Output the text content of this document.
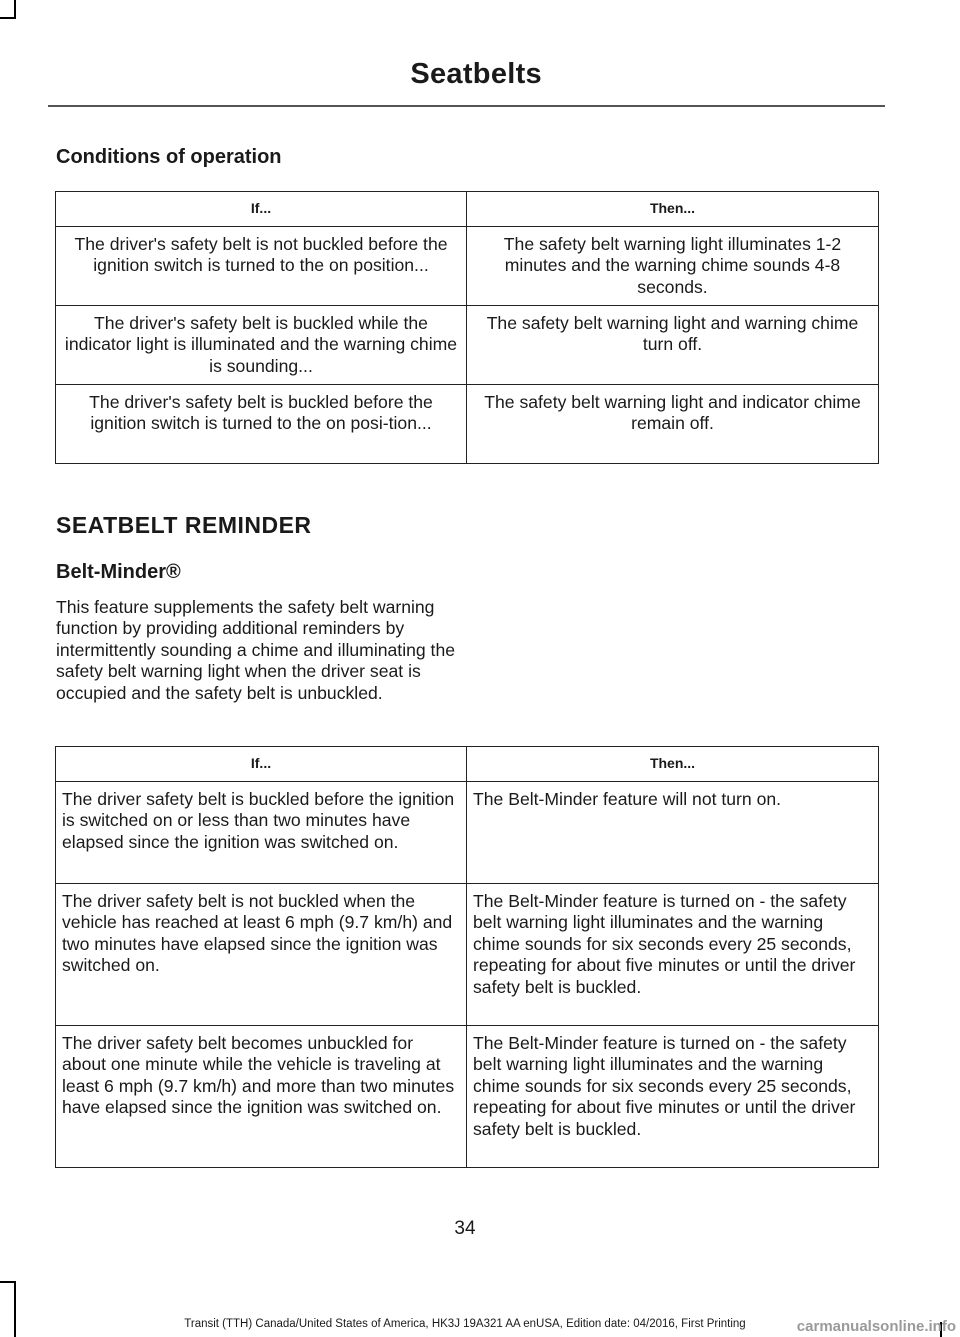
Seatbelts
Conditions of operation
If...	Then...
The driver's safety belt is not buckled before the ignition switch is turned to the on position...	The safety belt warning light illuminates 1-2 minutes and the warning chime sounds 4-8 seconds.
The driver's safety belt is buckled while the indicator light is illuminated and the warning chime is sounding...	The safety belt warning light and warning chime turn off.
The driver's safety belt is buckled before the ignition switch is turned to the on posi-tion...	The safety belt warning light and indicator chime remain off.
SEATBELT REMINDER
Belt-Minder®
This feature supplements the safety belt warning function by providing additional reminders by intermittently sounding a chime and illuminating the safety belt warning light when the driver seat is occupied and the safety belt is unbuckled.
If...	Then...
The driver safety belt is buckled before the ignition is switched on or less than two minutes have elapsed since the ignition was switched on.	The Belt-Minder feature will not turn on.
The driver safety belt is not buckled when the vehicle has reached at least 6 mph (9.7 km/h) and two minutes have elapsed since the ignition was switched on.	The Belt-Minder feature is turned on - the safety belt warning light illuminates and the warning chime sounds for six seconds every 25 seconds, repeating for about five minutes or until the driver safety belt is buckled.
The driver safety belt becomes unbuckled for about one minute while the vehicle is traveling at least 6 mph (9.7 km/h) and more than two minutes have elapsed since the ignition was switched on.	The Belt-Minder feature is turned on - the safety belt warning light illuminates and the warning chime sounds for six seconds every 25 seconds, repeating for about five minutes or until the driver safety belt is buckled.
34
Transit (TTH) Canada/United States of America, HK3J 19A321 AA enUSA, Edition date: 04/2016, First Printing	carmanualsonline.info
